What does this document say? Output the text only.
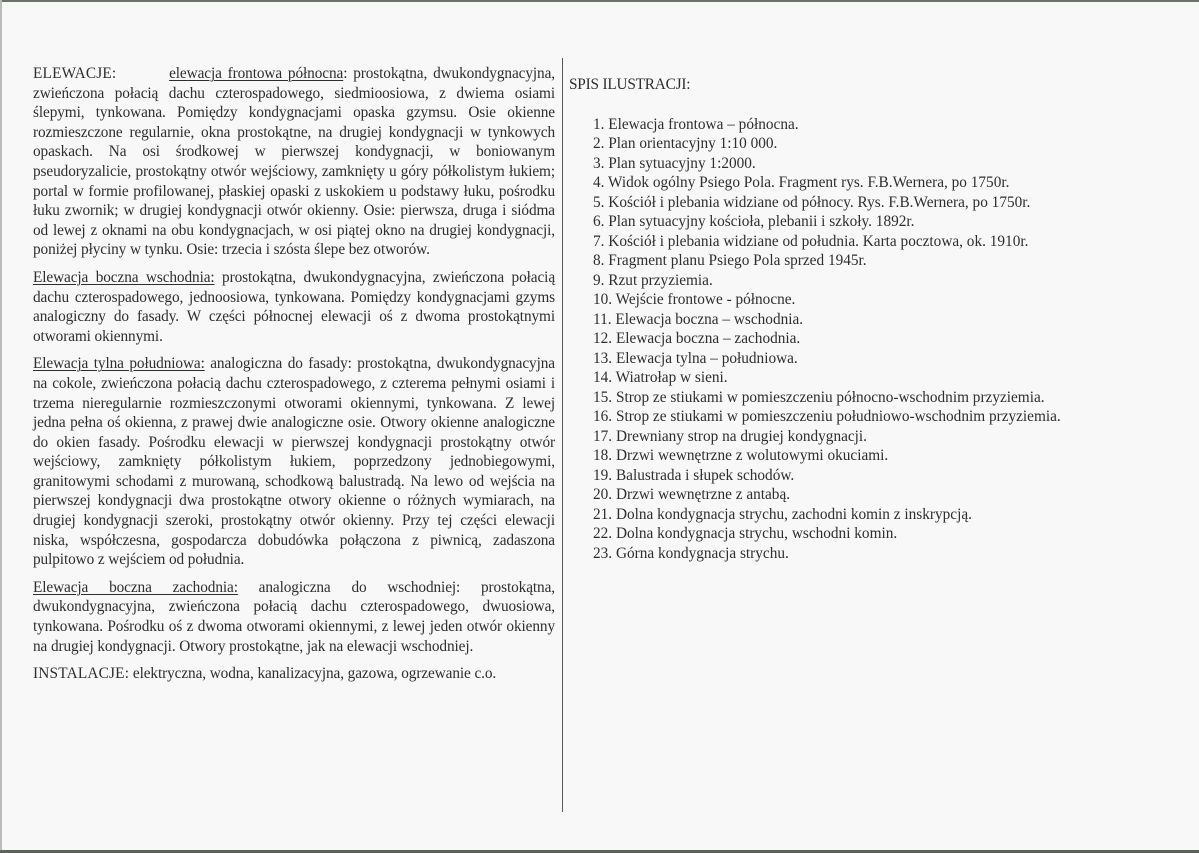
ELEWACJE:	elewacja frontowa północna: prostokątna, dwukondygnacyjna, zwieńczona połacią dachu czterospadowego, siedmioosiowa, z dwiema osiami ślepymi, tynkowana. Pomiędzy kondygnacjami opaska gzymsu. Osie okienne rozmieszczone regularnie, okna prostokątne, na drugiej kondygnacji w tynkowych opaskach. Na osi środkowej w pierwszej kondygnacji, w boniowanym pseudoryzalicie, prostokątny otwór wejściowy, zamknięty u góry półkolistym łukiem; portal w formie profilowanej, płaskiej opaski z uskokiem u podstawy łuku, pośrodku łuku zwornik; w drugiej kondygnacji otwór okienny. Osie: pierwsza, druga i siódma od lewej z oknami na obu kondygnacjach, w osi piątej okno na drugiej kondygnacji, poniżej płyciny w tynku. Osie: trzecia i szósta ślepe bez otworów.

Elewacja boczna wschodnia: prostokątna, dwukondygnacyjna, zwieńczona połacią dachu czterospadowego, jednoosiowa, tynkowana. Pomiędzy kondygnacjami gzyms analogiczny do fasady. W części północnej elewacji oś z dwoma prostokątnymi otworami okiennymi.

Elewacja tylna południowa: analogiczna do fasady: prostokątna, dwukondygnacyjna na cokole, zwieńczona połacią dachu czterospadowego, z czterema pełnymi osiami i trzema nieregularnie rozmieszczonymi otworami okiennymi, tynkowana. Z lewej jedna pełna oś okienna, z prawej dwie analogiczne osie. Otwory okienne analogiczne do okien fasady. Pośrodku elewacji w pierwszej kondygnacji prostokątny otwór wejściowy, zamknięty półkolistym łukiem, poprzedzony jednobiegowymi, granitowymi schodami z murowaną, schodkową balustradą. Na lewo od wejścia na pierwszej kondygnacji dwa prostokątne otwory okienne o różnych wymiarach, na drugiej kondygnacji szeroki, prostokątny otwór okienny. Przy tej części elewacji niska, współczesna, gospodarcza dobudówka połączona z piwnicą, zadaszona pulpitowo z wejściem od południa.

Elewacja boczna zachodnia: analogiczna do wschodniej: prostokątna, dwukondygnacyjna, zwieńczona połacią dachu czterospadowego, dwuosiowa, tynkowana. Pośrodku oś z dwoma otworami okiennymi, z lewej jeden otwór okienny na drugiej kondygnacji. Otwory prostokątne, jak na elewacji wschodniej.

INSTALACJE: elektryczna, wodna, kanalizacyjna, gazowa, ogrzewanie c.o.

SPIS ILUSTRACJI:

1. Elewacja frontowa – północna.
2. Plan orientacyjny 1:10 000.
3. Plan sytuacyjny 1:2000.
4. Widok ogólny Psiego Pola. Fragment rys. F.B.Wernera, po 1750r.
5. Kościół i plebania widziane od północy. Rys. F.B.Wernera, po 1750r.
6. Plan sytuacyjny kościoła, plebanii i szkoły. 1892r.
7. Kościół i plebania widziane od południa. Karta pocztowa, ok. 1910r.
8. Fragment planu Psiego Pola sprzed 1945r.
9. Rzut przyziemia.
10. Wejście frontowe - północne.
11. Elewacja boczna – wschodnia.
12. Elewacja boczna – zachodnia.
13. Elewacja tylna – południowa.
14. Wiatrołap w sieni.
15. Strop ze stiukami w pomieszczeniu północno-wschodnim przyziemia.
16. Strop ze stiukami w pomieszczeniu południowo-wschodnim przyziemia.
17. Drewniany strop na drugiej kondygnacji.
18. Drzwi wewnętrzne z wolutowymi okuciami.
19. Balustrada i słupek schodów.
20. Drzwi wewnętrzne z antabą.
21. Dolna kondygnacja strychu, zachodni komin z inskrypcją.
22. Dolna kondygnacja strychu, wschodni komin.
23. Górna kondygnacja strychu.
